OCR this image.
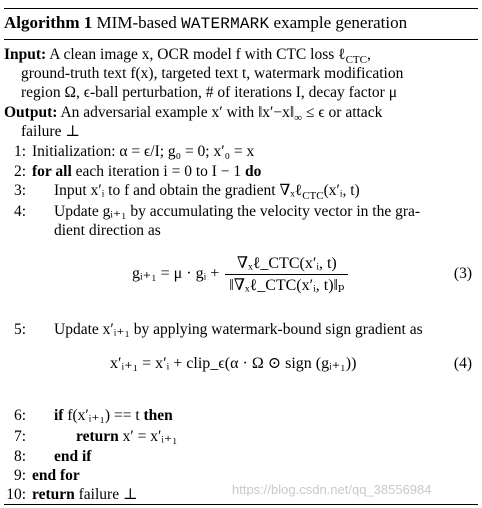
Algorithm 1 MIM-based WATERMARK example generation
Input: A clean image x, OCR model f with CTC loss ℓ$_{CTC}$,
ground-truth text f(x), targeted text t, watermark modification
region Ω, ϵ-ball perturbation, # of iterations I, decay factor μ
Output: An adversarial example x′ with $‖x'-x‖_\infty \le \epsilon$ or attack
failure ⊥
1: Initialization: α = ϵ/I; g₀ = 0; x′₀ = x
2: for all each iteration i = 0 to I − 1 do
3: Input x′ᵢ to f and obtain the gradient ∇ₓℓ$_{CTC}$(x′ᵢ, t)
4: Update gᵢ₊₁ by accumulating the velocity vector in the gra-
dient direction as
gᵢ₊₁ = μ · gᵢ + $\frac{\text{∇ₓℓ\_CTC(x′ᵢ, t)}}{\text{‖∇ₓℓ\_CTC(x′ᵢ, t)‖ₚ}}$	(3)
5: Update x′ᵢ₊₁ by applying watermark-bound sign gradient as
x′ᵢ₊₁ = x′ᵢ + clip_ϵ(α · Ω ⊙ sign (gᵢ₊₁))	(4)
6: if f(x′ᵢ₊₁) == t then
7:	return x′ = x′ᵢ₊₁
8: end if
9: end for
10: return failure ⊥	https://blog.csdn.net/qq_38556984
